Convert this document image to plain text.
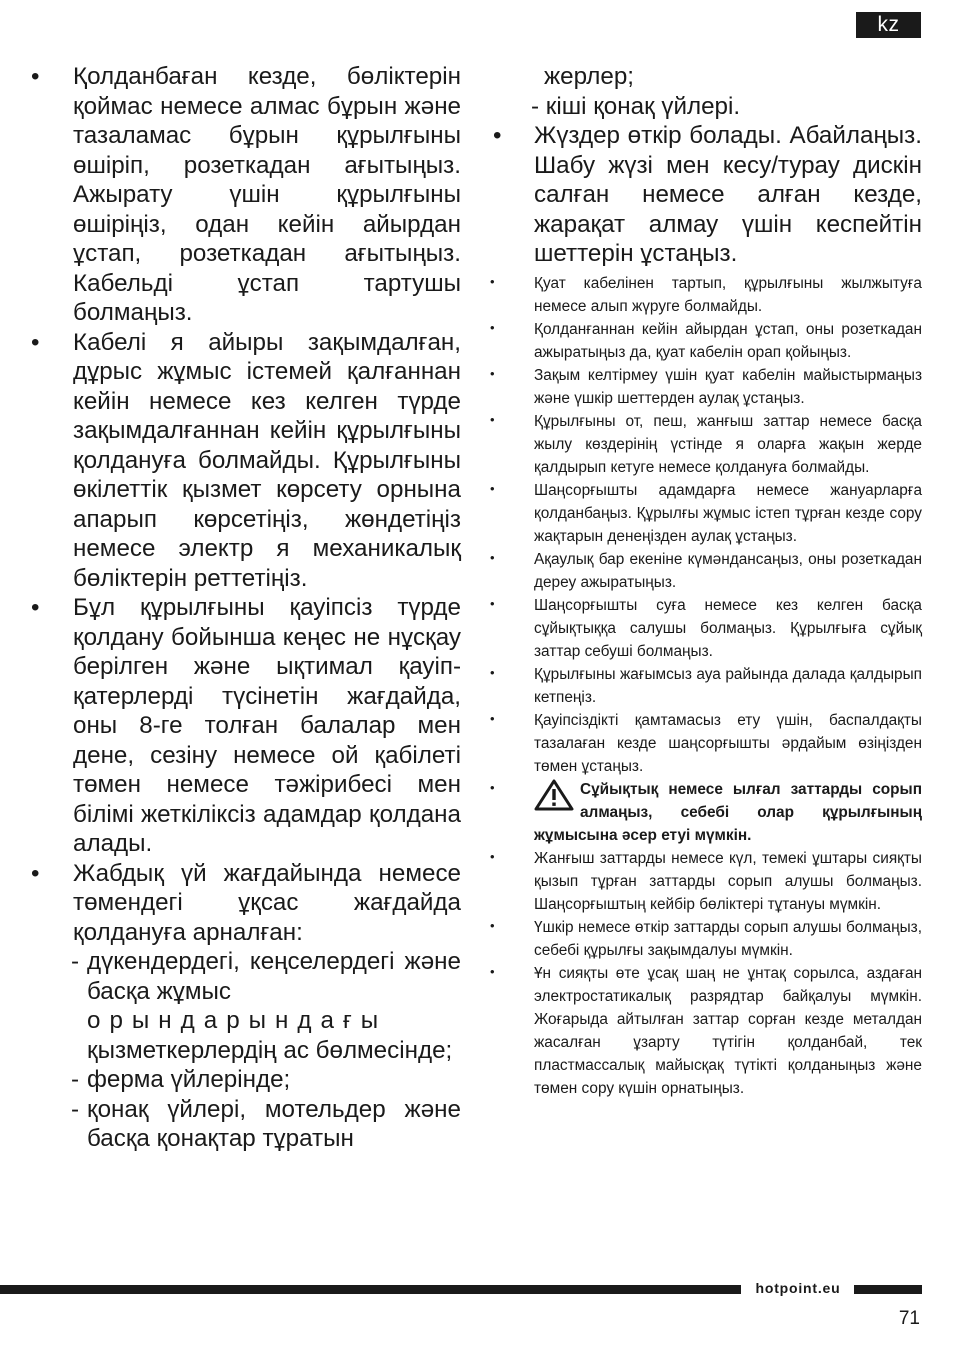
kz

•	Қолданбаған кезде, бөліктерін қоймас немесе алмас бұрын және тазаламас бұрын құрылғыны өшіріп, розеткадан ағытыңыз. Ажырату үшін құрылғыны өшіріңіз, одан кейін айырдан ұстап, розеткадан ағытыңыз. Кабельді ұстап тартушы болмаңыз.

•	Кабелі я айыры зақымдалған, дұрыс жұмыс істемей қалғаннан кейін немесе кез келген түрде зақымдалғаннан кейін құрылғыны қолдануға болмайды. Құрылғыны өкілеттік қызмет көрсету орнына апарып көрсетіңіз, жөндетіңіз немесе электр я механикалық бөліктерін реттетіңіз.

•	Бұл құрылғыны қауіпсіз түрде қолдану бойынша кеңес не нұсқау берілген және ықтимал қауіп-қатерлерді түсінетін жағдайда, оны 8-ге толған балалар мен дене, сезіну немесе ой қабілеті төмен немесе тәжірибесі мен білімі жеткіліксіз адамдар қолдана алады.

•	Жабдық үй жағдайында немесе төмендегі ұқсас жағдайда қолдануға арналған:

- дүкендердегі, кеңселердегі және басқа жұмыс

орындарындағы

қызметкерлердің ас бөлмесінде;

- ферма үйлерінде;

- қонақ үйлері, мотельдер және басқа қонақтар тұратын

жерлер;

- кіші қонақ үйлері.

• Жүздер өткір болады. Абайлаңыз. Шабу жүзі мен кесу/турау дискін салған немесе алған кезде, жарақат алмау үшін кеспейтін шеттерін ұстаңыз.

•	Қуат кабелінен тартып, құрылғыны жылжытуға немесе алып жүруге болмайды.

•	Қолданғаннан кейін айырдан ұстап, оны розеткадан ажыратыңыз да, қуат кабелін орап қойыңыз.

•	Зақым келтірмеу үшін қуат кабелін майыстырмаңыз және үшкір шеттерден аулақ ұстаңыз.

•	Құрылғыны от, пеш, жанғыш заттар немесе басқа жылу көздерінің үстінде я оларға жақын жерде қалдырып кетуге немесе қолдануға болмайды.

•	Шаңсорғышты адамдарға немесе жануарларға қолданбаңыз. Құрылғы жұмыс істеп тұрған кезде сору жақтарын денеңізден аулақ ұстаңыз.

•	Ақаулық бар екеніне күмәндансаңыз, оны розеткадан дереу ажыратыңыз.

•	Шаңсорғышты суға немесе кез келген басқа сұйықтыққа салушы болмаңыз. Құрылғыға сұйық заттар себуші болмаңыз.

•	Құрылғыны жағымсыз ауа райында далада қалдырып кетпеңіз.

•	Қауіпсіздікті қамтамасыз ету үшін, баспалдақты тазалаған кезде шаңсорғышты әрдайым өзіңізден төмен ұстаңыз.

•	Сұйықтық немесе ылғал заттарды сорып алмаңыз, себебі олар құрылғының жұмысына әсер етуі мүмкін.

•	Жанғыш заттарды немесе күл, темекі ұштары сияқты қызып тұрған заттарды сорып алушы болмаңыз. Шаңсорғыштың кейбір бөліктері тұтануы мүмкін.

•	Үшкір немесе өткір заттарды сорып алушы болмаңыз, себебі құрылғы зақымдалуы мүмкін.

•	Ұн сияқты өте ұсақ шаң не ұнтақ сорылса, аздаған электростатикалық разрядтар байқалуы мүмкін. Жоғарыда айтылған заттар сорған кезде металдан жасалған ұзарту түтігін қолданбай, тек пластмассалық майысқақ түтікті қолданыңыз және төмен сору күшін орнатыңыз.

hotpoint.eu
71
